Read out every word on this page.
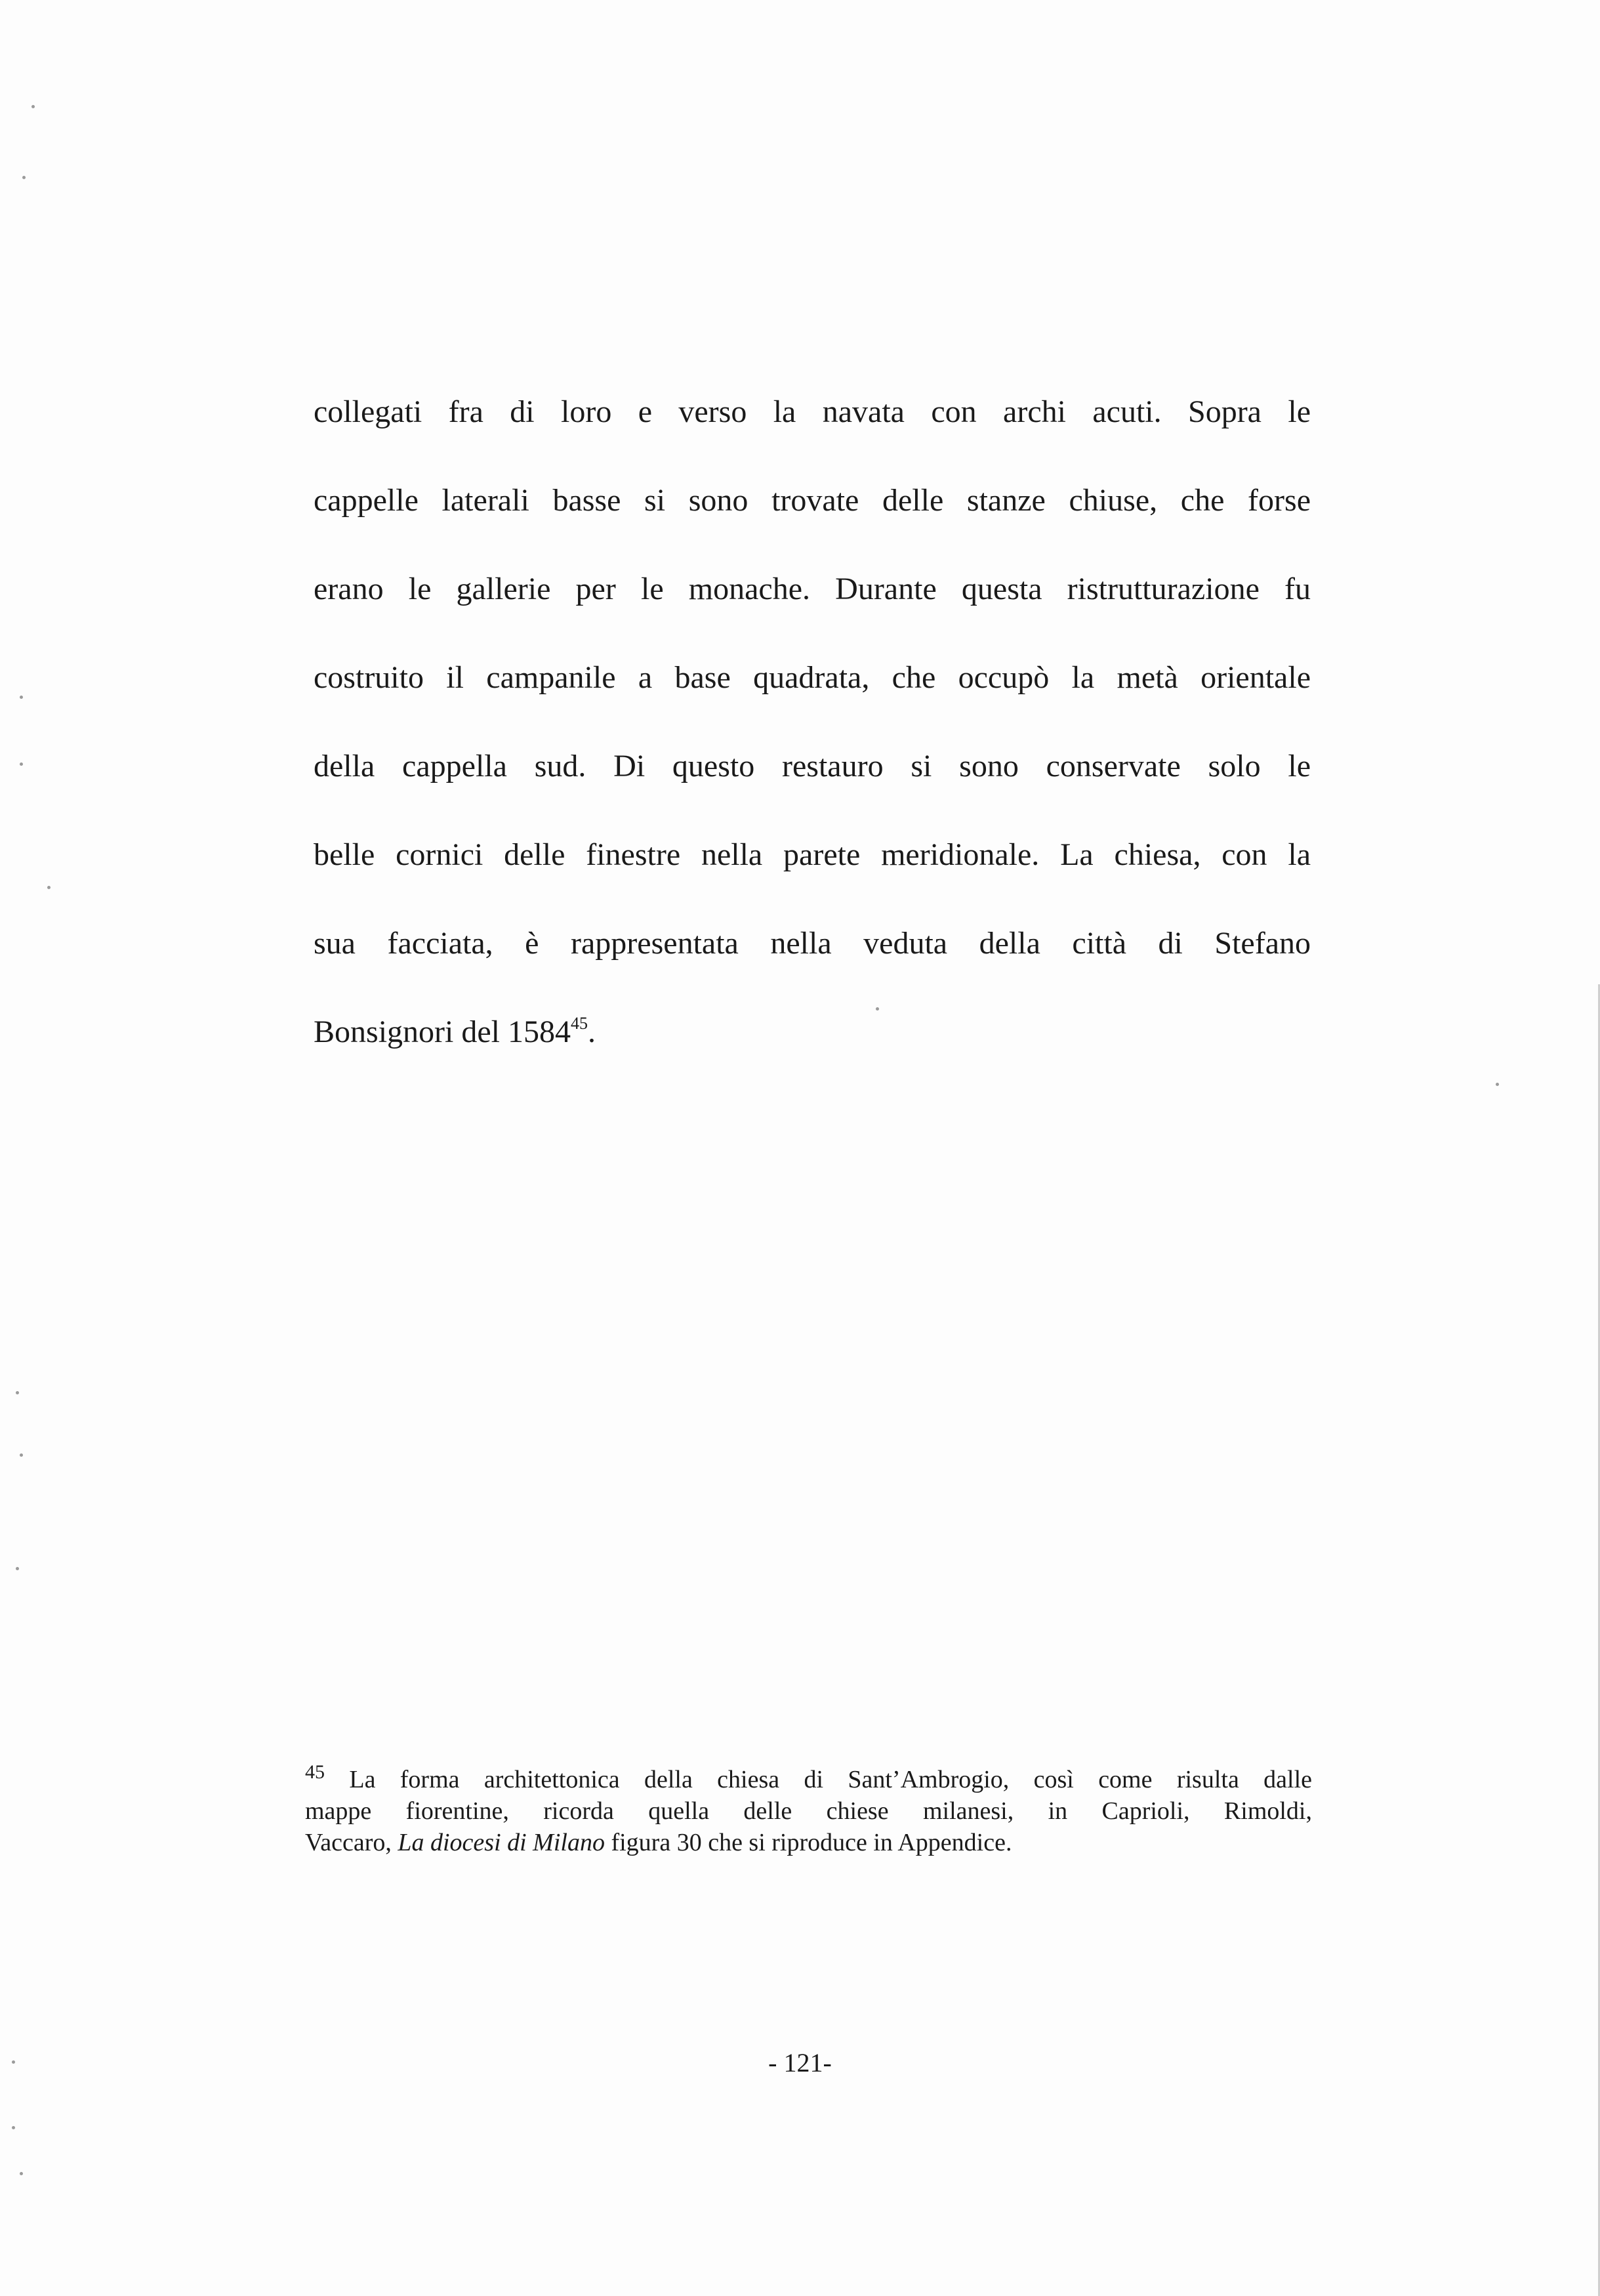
collegati fra di loro e verso la navata con archi acuti. Sopra le
cappelle laterali basse si sono trovate delle stanze chiuse, che forse
erano le gallerie per le monache. Durante questa ristrutturazione fu
costruito il campanile a base quadrata, che occupò la metà orientale
della cappella sud. Di questo restauro si sono conservate solo le
belle cornici delle finestre nella parete meridionale. La chiesa, con la
sua facciata, è rappresentata nella veduta della città di Stefano
Bonsignori del 1584$^{45}$.
$^{45}$ La forma architettonica della chiesa di Sant’Ambrogio, così come risulta dalle
mappe fiorentine, ricorda quella delle chiese milanesi, in Caprioli, Rimoldi,
Vaccaro, La diocesi di Milano figura 30 che si riproduce in Appendice.
- 121-
